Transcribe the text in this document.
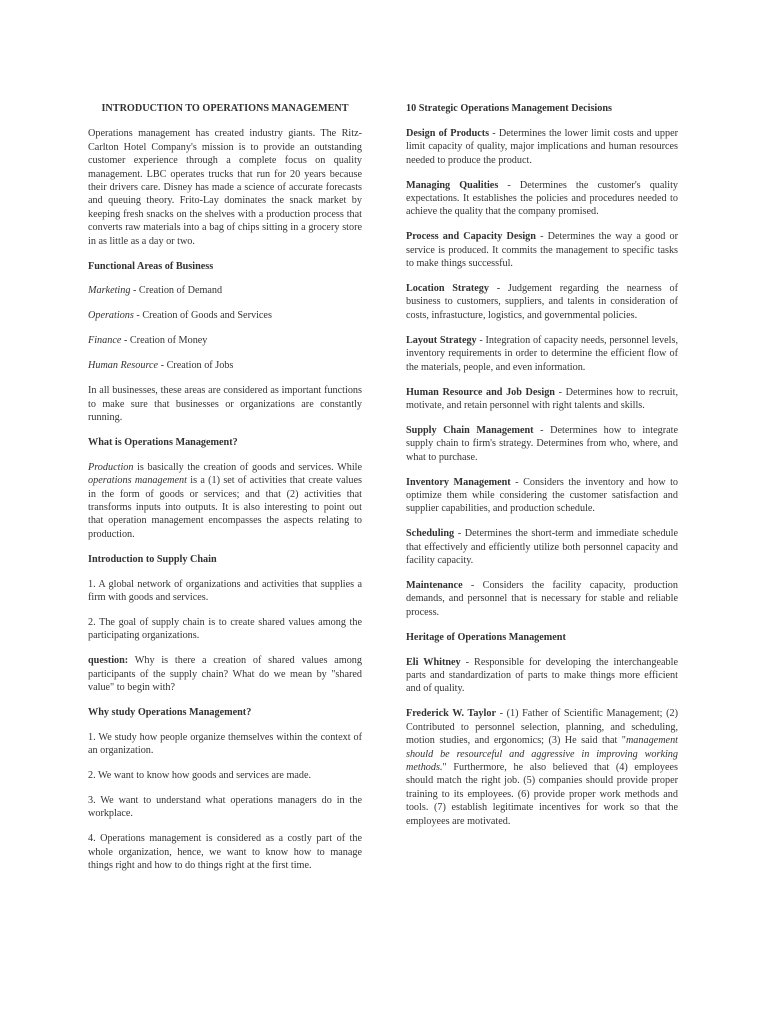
INTRODUCTION TO OPERATIONS MANAGEMENT

Operations management has created industry giants. The Ritz-Carlton Hotel Company's mission is to provide an outstanding customer experience through a complete focus on quality management. LBC operates trucks that run for 20 years because their drivers care. Disney has made a science of accurate forecasts and queuing theory. Frito-Lay dominates the snack market by keeping fresh snacks on the shelves with a production process that converts raw materials into a bag of chips sitting in a grocery store in as little as a day or two.

Functional Areas of Business

Marketing - Creation of Demand

Operations - Creation of Goods and Services

Finance - Creation of Money

Human Resource - Creation of Jobs

In all businesses, these areas are considered as important functions to make sure that businesses or organizations are constantly running.

What is Operations Management?

Production is basically the creation of goods and services. While operations management is a (1) set of activities that create values in the form of goods or services; and that (2) activities that transforms inputs into outputs. It is also interesting to point out that operation management encompasses the aspects relating to production.

Introduction to Supply Chain

1. A global network of organizations and activities that supplies a firm with goods and services.
2. The goal of supply chain is to create shared values among the participating organizations.

question: Why is there a creation of shared values among participants of the supply chain? What do we mean by "shared value" to begin with?

Why study Operations Management?

1. We study how people organize themselves within the context of an organization.
2. We want to know how goods and services are made.
3. We want to understand what operations managers do in the workplace.
4. Operations management is considered as a costly part of the whole organization, hence, we want to know how to manage things right and how to do things right at the first time.

10 Strategic Operations Management Decisions

Design of Products - Determines the lower limit costs and upper limit capacity of quality, major implications and human resources needed to produce the product.

Managing Qualities - Determines the customer's quality expectations. It establishes the policies and procedures needed to achieve the quality that the company promised.

Process and Capacity Design - Determines the way a good or service is produced. It commits the management to specific tasks to make things successful.

Location Strategy - Judgement regarding the nearness of business to customers, suppliers, and talents in consideration of costs, infrastucture, logistics, and governmental policies.

Layout Strategy - Integration of capacity needs, personnel levels, inventory requirements in order to determine the efficient flow of the materials, people, and even information.

Human Resource and Job Design - Determines how to recruit, motivate, and retain personnel with right talents and skills.

Supply Chain Management - Determines how to integrate supply chain to firm's strategy. Determines from who, where, and what to purchase.

Inventory Management - Considers the inventory and how to optimize them while considering the customer satisfaction and supplier capabilities, and production schedule.

Scheduling - Determines the short-term and immediate schedule that effectively and efficiently utilize both personnel capacity and facility capacity.

Maintenance - Considers the facility capacity, production demands, and personnel that is necessary for stable and reliable process.

Heritage of Operations Management

Eli Whitney - Responsible for developing the interchangeable parts and standardization of parts to make things more efficient and of quality.

Frederick W. Taylor - (1) Father of Scientific Management; (2) Contributed to personnel selection, planning, and scheduling, motion studies, and ergonomics; (3) He said that "management should be resourceful and aggressive in improving working methods." Furthermore, he also believed that (4) employees should match the right job. (5) companies should provide proper training to its employees. (6) provide proper work methods and tools. (7) establish legitimate incentives for work so that the employees are motivated.
